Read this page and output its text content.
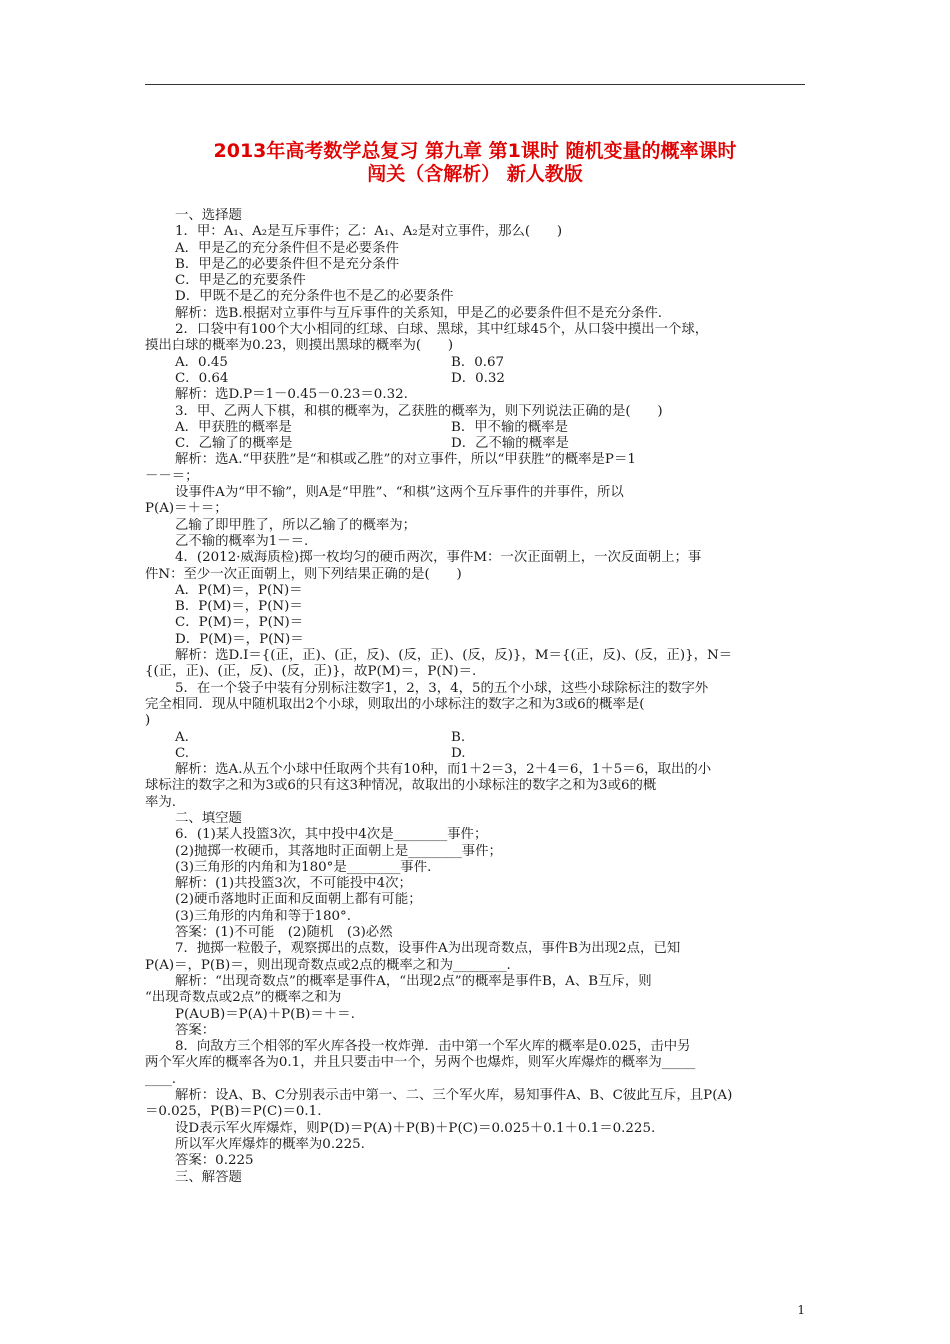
2013年高考数学总复习 第九章 第1课时 随机变量的概率课时
闯关（含解析） 新人教版
一、选择题
1．甲：A₁、A₂是互斥事件；乙：A₁、A₂是对立事件，那么(　　)
A．甲是乙的充分条件但不是必要条件
B．甲是乙的必要条件但不是充分条件
C．甲是乙的充要条件
D．甲既不是乙的充分条件也不是乙的必要条件
解析：选B.根据对立事件与互斥事件的关系知，甲是乙的必要条件但不是充分条件.
2．口袋中有100个大小相同的红球、白球、黑球，其中红球45个，从口袋中摸出一个球，
摸出白球的概率为0.23，则摸出黑球的概率为(　　)
A．0.45	B．0.67
C．0.64	D．0.32
解析：选D.P＝1－0.45－0.23＝0.32.
3．甲、乙两人下棋，和棋的概率为，乙获胜的概率为，则下列说法正确的是(　　)
A．甲获胜的概率是	B．甲不输的概率是
C．乙输了的概率是	D．乙不输的概率是
解析：选A.“甲获胜”是“和棋或乙胜”的对立事件，所以“甲获胜”的概率是P＝1
－－＝；
设事件A为“甲不输”，则A是“甲胜”、“和棋”这两个互斥事件的并事件，所以
P(A)＝＋＝；
乙输了即甲胜了，所以乙输了的概率为；
乙不输的概率为1－＝.
4．(2012·威海质检)掷一枚均匀的硬币两次，事件M：一次正面朝上，一次反面朝上；事
件N：至少一次正面朝上，则下列结果正确的是(　　)
A．P(M)＝，P(N)＝
B．P(M)＝，P(N)＝
C．P(M)＝，P(N)＝
D．P(M)＝，P(N)＝
解析：选D.I＝{(正，正)、(正，反)、(反，正)、(反，反)}，M＝{(正，反)、(反，正)}，N＝
{(正，正)、(正，反)、(反，正)}，故P(M)＝，P(N)＝.
5．在一个袋子中装有分别标注数字1，2，3，4，5的五个小球，这些小球除标注的数字外
完全相同．现从中随机取出2个小球，则取出的小球标注的数字之和为3或6的概率是(
)
A.	B.
C.	D.
解析：选A.从五个小球中任取两个共有10种，而1＋2＝3，2＋4＝6，1＋5＝6，取出的小
球标注的数字之和为3或6的只有这3种情况，故取出的小球标注的数字之和为3或6的概
率为.
二、填空题
6．(1)某人投篮3次，其中投中4次是________事件；
(2)抛掷一枚硬币，其落地时正面朝上是________事件；
(3)三角形的内角和为180°是________事件.
解析：(1)共投篮3次，不可能投中4次；
(2)硬币落地时正面和反面朝上都有可能；
(3)三角形的内角和等于180°.
答案：(1)不可能　(2)随机　(3)必然
7．抛掷一粒骰子，观察掷出的点数，设事件A为出现奇数点，事件B为出现2点，已知
P(A)＝，P(B)＝，则出现奇数点或2点的概率之和为________.
解析：“出现奇数点”的概率是事件A，“出现2点”的概率是事件B，A、B互斥，则
“出现奇数点或2点”的概率之和为
P(A∪B)＝P(A)＋P(B)＝＋＝.
答案：
8．向敌方三个相邻的军火库各投一枚炸弹．击中第一个军火库的概率是0.025，击中另
两个军火库的概率各为0.1，并且只要击中一个，另两个也爆炸，则军火库爆炸的概率为_____
____.
解析：设A、B、C分别表示击中第一、二、三个军火库，易知事件A、B、C彼此互斥，且P(A)
＝0.025，P(B)＝P(C)＝0.1.
设D表示军火库爆炸，则P(D)＝P(A)＋P(B)＋P(C)＝0.025＋0.1＋0.1＝0.225.
所以军火库爆炸的概率为0.225.
答案：0.225
三、解答题
1
